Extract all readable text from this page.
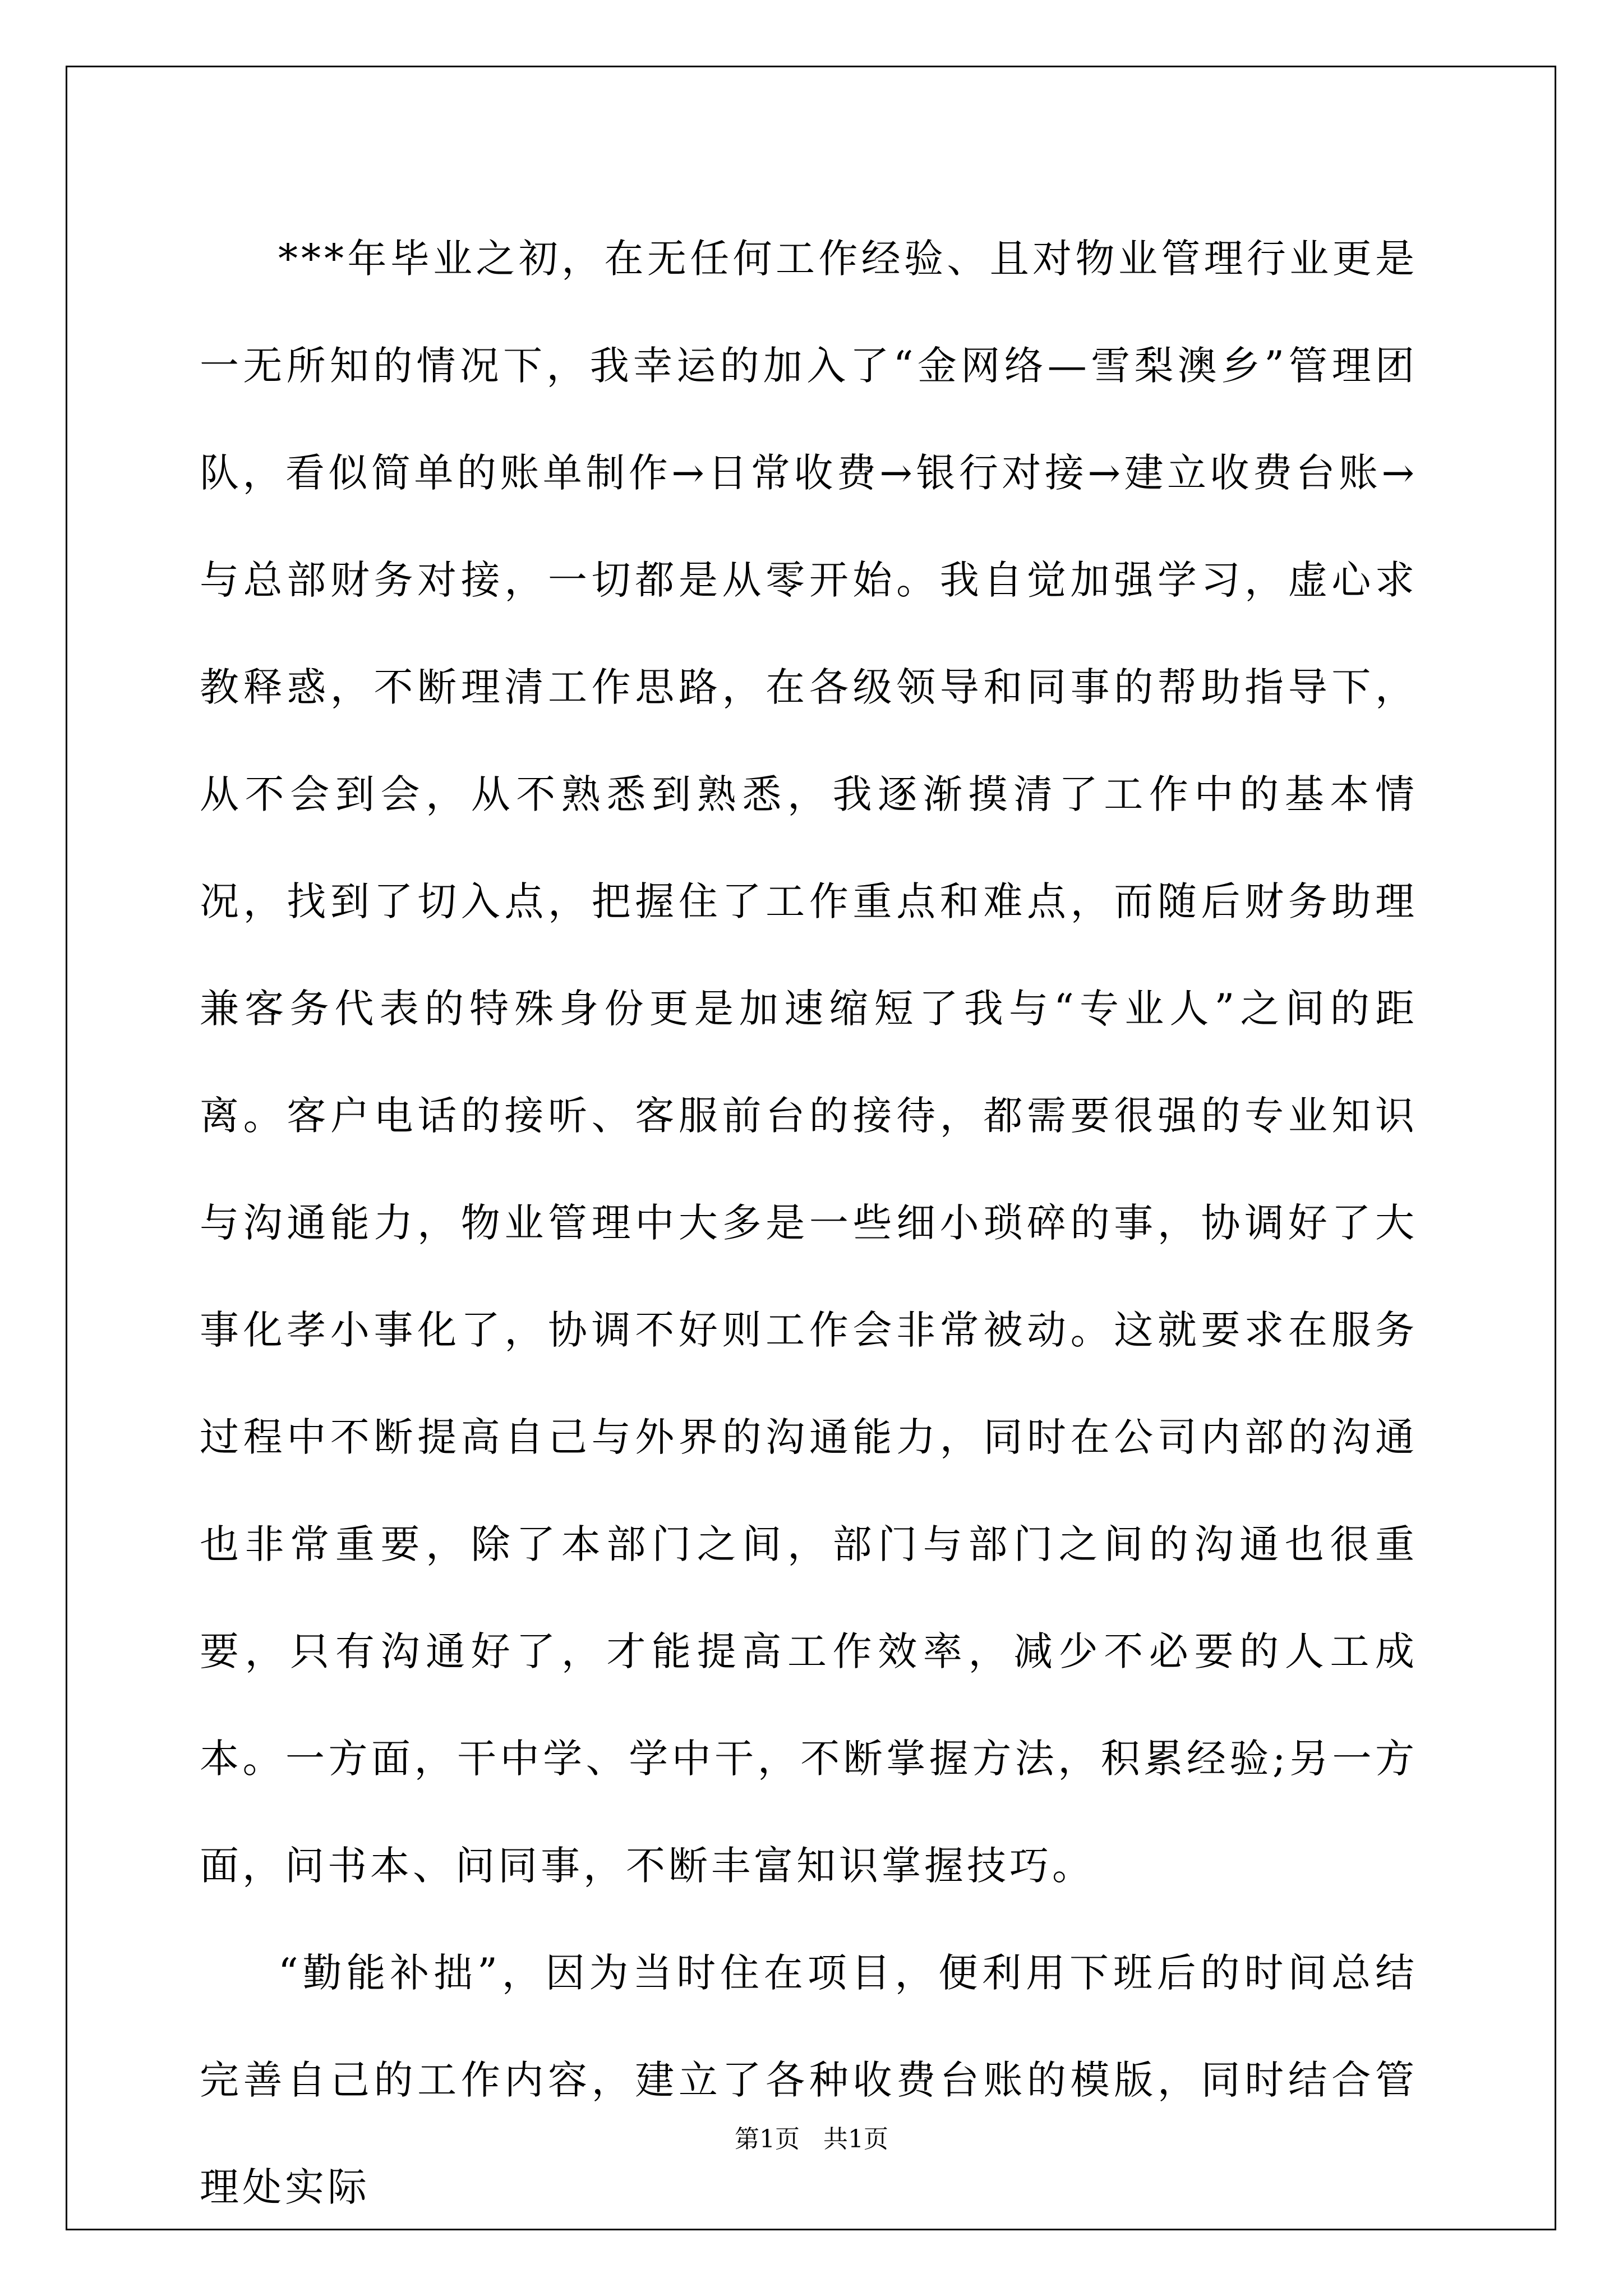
***年毕业之初，在无任何工作经验、且对物业管理行业更是一无所知的情况下，我幸运的加入了“金网络—雪梨澳乡”管理团队，看似简单的账单制作→日常收费→银行对接→建立收费台账→与总部财务对接，一切都是从零开始。我自觉加强学习，虚心求教释惑，不断理清工作思路，在各级领导和同事的帮助指导下，从不会到会，从不熟悉到熟悉，我逐渐摸清了工作中的基本情况，找到了切入点，把握住了工作重点和难点，而随后财务助理兼客务代表的特殊身份更是加速缩短了我与“专业人”之间的距离。客户电话的接听、客服前台的接待，都需要很强的专业知识与沟通能力，物业管理中大多是一些细小琐碎的事，协调好了大事化孝小事化了，协调不好则工作会非常被动。这就要求在服务过程中不断提高自己与外界的沟通能力，同时在公司内部的沟通也非常重要，除了本部门之间，部门与部门之间的沟通也很重要，只有沟通好了，才能提高工作效率，减少不必要的人工成本。一方面，干中学、学中干，不断掌握方法，积累经验;另一方面，问书本、问同事，不断丰富知识掌握技巧。

“勤能补拙”，因为当时住在项目，便利用下班后的时间总结完善自己的工作内容，建立了各种收费台账的模版，同时结合管理处实际

第1页 共1页
